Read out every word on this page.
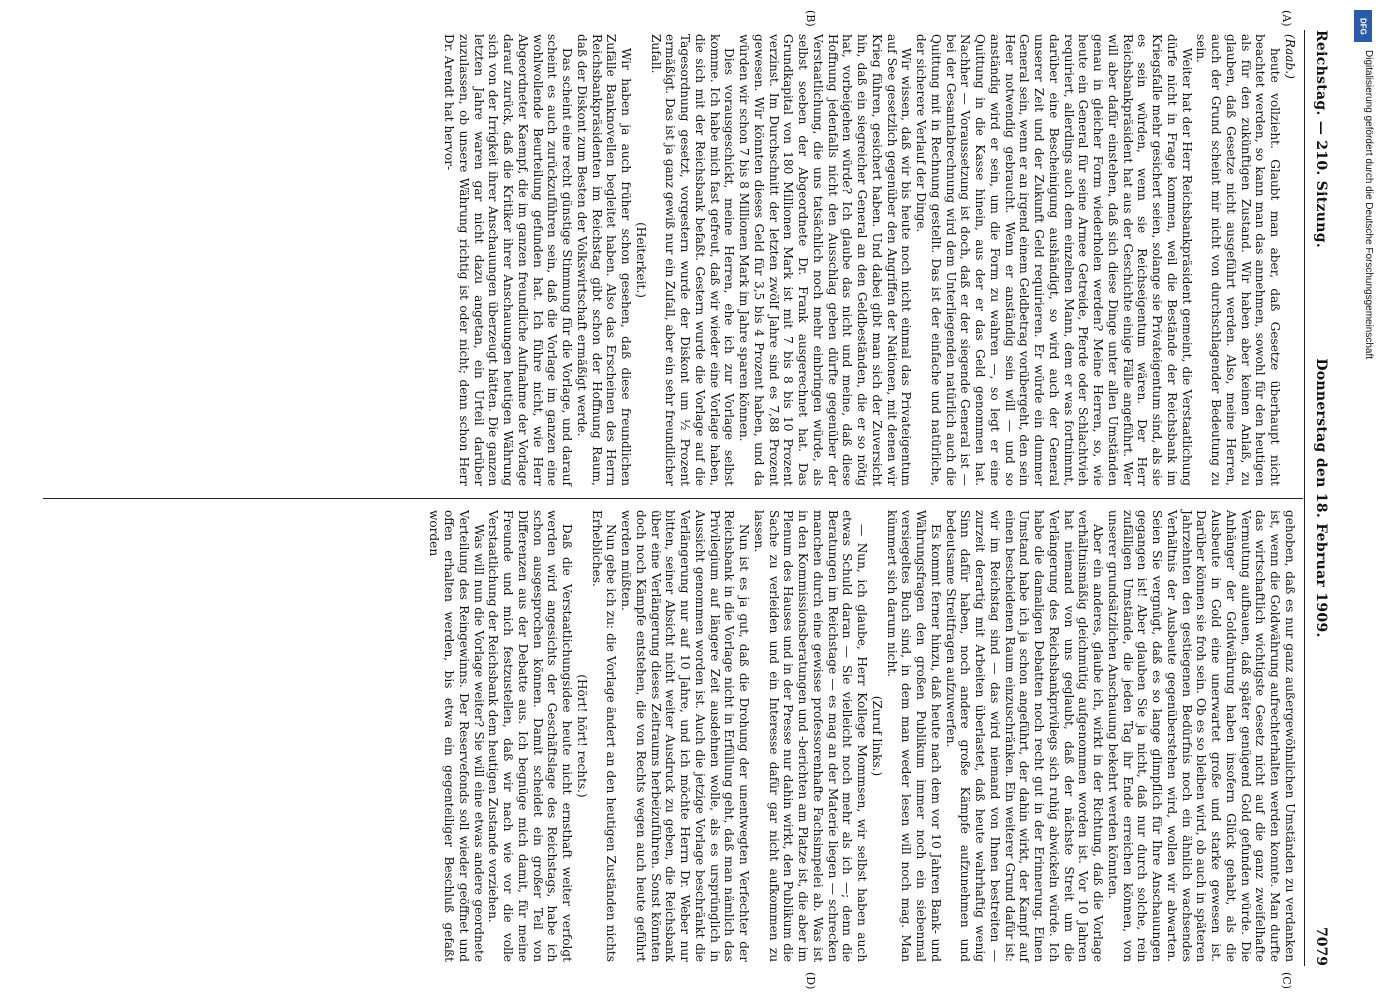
Reichstag. — 210. Sitzung.
Donnerstag den 18. Februar 1909.
7079
(A)
(B)
(C)
(D)

(Raab.)

heute vollzieht. Glaubt man aber, daß Gesetze überhaupt nicht beachtet werden, so kann man das annehmen, sowohl für den heutigen als für den zukünftigen Zustand. Wir haben aber keinen Anlaß, zu glauben, daß Gesetze nicht ausgeführt werden. Also, meine Herren, auch der Grund scheint mir nicht von durchschlagender Bedeutung zu sein.

Weiter hat der Herr Reichsbankpräsident gemeint, die Verstaatlichung dürfe nicht in Frage kommen, weil die Bestände der Reichsbank im Kriegsfalle mehr gesichert seien, solange sie Privateigentum sind, als sie es sein würden, wenn sie Reichseigentum wären. Der Herr Reichsbankpräsident hat aus der Geschichte einige Fälle angeführt. Wer will aber dafür einstehen, daß sich diese Dinge unter allen Umständen genau in gleicher Form wiederholen werden? Meine Herren, so, wie heute ein General für seine Armee Getreide, Pferde oder Schlachtvieh requiriert, allerdings auch dem einzelnen Mann, dem er was fortnimmt, darüber eine Bescheinigung aushändigt, so wird auch der General unserer Zeit und der Zukunft Geld requirieren. Er würde ein dummer General sein, wenn er an irgend einem Geldbetrag vorübergeht, den sein Heer notwendig gebraucht. Wenn er anständig sein will — und so anständig wird er sein, um die Form zu wahren —, so legt er eine Quittung in die Kasse hinein, aus der er das Geld genommen hat. Nachher — Voraussetzung ist doch, daß er der siegende General ist — bei der Gesamtabrechnung wird dem Unterliegenden natürlich auch die Quittung mit in Rechnung gestellt. Das ist der einfache und natürliche, der sicherere Verlauf der Dinge.

Wir wissen, daß wir bis heute noch nicht einmal das Privateigentum auf See gesetzlich gegenüber den Angriffen der Nationen, mit denen wir Krieg führen, gesichert haben. Und dabei gibt man sich der Zuversicht hin, daß ein siegreicher General an den Geldbeständen, die er so nötig hat, vorbeigehen würde? Ich glaube das nicht und meine, daß diese Hoffnung jedenfalls nicht den Ausschlag geben dürfte gegenüber der Verstaatlichung, die uns tatsächlich noch mehr einbringen würde, als selbst soeben der Abgeordnete Dr. Frank ausgerechnet hat. Das Grundkapital von 180 Millionen Mark ist mit 7 bis 8 bis 10 Prozent verzinst. Im Durchschnitt der letzten zwölf Jahre sind es 7,88 Prozent gewesen. Wir könnten dieses Geld für 3,5 bis 4 Prozent haben, und da würden wir schon 7 bis 8 Millionen Mark im Jahre sparen können.

Dies vorausgeschickt, meine Herren, ehe ich zur Vorlage selbst komme. Ich habe mich fast gefreut, daß wir wieder eine Vorlage haben, die sich mit der Reichsbank befaßt. Gestern wurde die Vorlage auf die Tagesordnung gesetzt, vorgestern wurde der Diskont um ½ Prozent ermäßigt. Das ist ja ganz gewiß nur ein Zufall, aber ein sehr freundlicher Zufall.

(Heiterkeit.)

Wir haben ja auch früher schon gesehen, daß diese freundlichen Zufälle Banknovellen begleitet haben. Also das Erscheinen des Herrn Reichsbankpräsidenten im Reichstag gibt schon der Hoffnung Raum, daß der Diskont zum Besten der Volkswirtschaft ermäßigt werde.

Das scheint eine recht günstige Stimmung für die Vorlage, und darauf scheint es auch zurückzuführen sein, daß die Vorlage im ganzen eine wohlwollende Beurteilung gefunden hat. Ich führe nicht, wie Herr Abgeordneter Kaempf, die im ganzen freundliche Aufnahme der Vorlage darauf zurück, daß die Kritiker ihrer Anschauungen heutigen Währung sich von der Irrigkeit ihrer Anschauungen überzeugt hätten. Die ganzen letzten Jahre waren gar nicht dazu angetan, ein Urteil darüber zuzulassen, ob unsere Währung richtig ist oder nicht; denn schon Herr Dr. Arendt hat hervor-

gehoben, daß es nur ganz außergewöhnlichen Umständen zu verdanken ist, wenn die Goldwährung aufrechterhalten werden konnte. Man durfte das wirtschaftlich wichtigste Gesetz nicht auf die ganz zweifelhafte Vermutung aufbauen, daß später genügend Gold gefunden würde. Die Anhänger der Goldwährung haben insofern Glück gehabt, als die Ausbeute in Gold eine unerwartet große und starke gewesen ist. Darüber können sie froh sein. Ob es so bleiben wird, ob auch in späteren Jahrzehnten den gestiegenen Bedürfnis noch ein ähnlich wachsendes Verhältnis der Ausbeute gegenüberstehen wird, wollen wir abwarten. Seien Sie vergnügt, daß es so lange glimpflich für Ihre Anschauungen gegangen ist! Aber glauben Sie ja nicht, daß nur durch solche, rein zufälligen Umstände, die jeden Tag ihr Ende erreichen können, von unserer grundsätzlichen Anschauung bekehrt werden könnten.

Aber ein anderes, glaube ich, wirkt in der Richtung, daß die Vorlage verhältnismäßig gleichmütig aufgenommen worden ist. Vor 10 Jahren hat niemand von uns geglaubt, daß der nächste Streit um die Verlängerung des Reichsbankprivilegs sich ruhig abwickeln würde. Ich habe die damaligen Debatten noch recht gut in der Erinnerung. Einen Umstand habe ich ja schon angeführt, der dahin wirkt, der Kampf auf einen bescheidenen Raum einzuschränken. Ein weiterer Grund dafür ist: wir im Reichstag sind — das wird niemand von Ihnen bestreiten — zurzeit derartig mit Arbeiten überlastet, daß heute wahrhaftig wenig Sinn dafür haben, noch andere große Kämpfe aufzunehmen und bedeutsame Streitfragen aufzuwerfen.

Es kommt ferner hinzu, daß heute nach dem vor 10 Jahren Bank- und Währungsfragen den großen Publikum immer noch ein siebenmal versiegeltes Buch sind, in dem man weder lesen will noch mag. Man kümmert sich darum nicht.

(Zuruf links.)

— Nun, ich glaube, Herr Kollege Mommsen, wir selbst haben auch etwas Schuld daran — Sie vielleicht noch mehr als ich —; denn die Beratungen im Reichstage — es mag an der Materie liegen — schrecken manchen durch eine gewisse professorenhafte Fachsimpelei ab. Was ist in den Kommissionsberatungen und -berichten am Platze ist, die aber im Plenum des Hauses und in der Presse nur dahin wirkt, den Publikum die Sache zu verleiden und ein Interesse dafür gar nicht aufkommen zu lassen.

Nun ist es ja gut, daß die Drohung der unentwegten Verfechter der Reichsbank in die Vorlage nicht in Erfüllung geht, daß man nämlich das Privilegium auf längere Zeit ausdehnen wolle, als es ursprünglich in Aussicht genommen worden ist. Auch die jetzige Vorlage beschränkt die Verlängerung nur auf 10 Jahre, und ich möchte Herrn Dr. Weber nur bitten, seiner Absicht nicht weiter Ausdruck zu geben, die Reichsbank über eine Verlängerung dieses Zeitraums herbeizuführen. Sonst könnten doch noch Kämpfe entstehen, die von Rechts wegen auch heute geführt werden müßten.

Nun gebe ich zu: die Vorlage ändert an den heutigen Zuständen nichts Erhebliches.

(Hört! hört! rechts.)

Daß die Verstaatlichungsidee heute nicht ernsthaft weiter verfolgt werden wird angesichts der Geschäftslage des Reichstags, habe ich schon ausgesprochen können. Damit scheidet ein großer Teil von Differenzen aus der Debatte aus. Ich begnüge mich damit, für meine Freunde und mich festzustellen, daß wir nach wie vor die volle Verstaatlichung der Reichsbank dem heutigen Zustande vorziehen.

Was will nun die Vorlage weiter? Sie will eine etwas andere geordnete Verteilung des Reingewinns. Der Reservefonds soll wieder geöffnet und offen erhalten werden, bis etwa ein gegenteiliger Beschluß gefaßt worden

DFG
Digitalisierung gefördert durch die Deutsche Forschungsgemeinschaft
